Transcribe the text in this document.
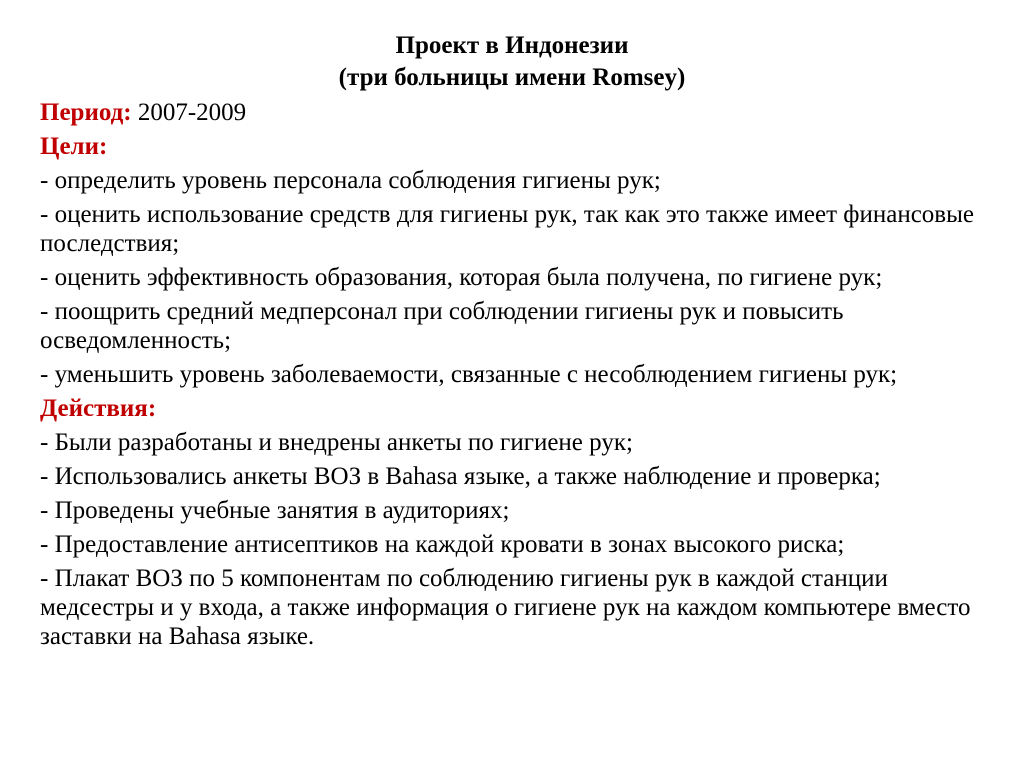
Проект в Индонезии
(три больницы имени Romsey)

Период: 2007-2009

Цели:

- определить уровень персонала соблюдения гигиены рук;

- оценить использование средств для гигиены рук, так как это также имеет финансовые последствия;

- оценить эффективность образования, которая была получена, по гигиене рук;

- поощрить средний медперсонал при соблюдении гигиены рук и повысить осведомленность;

- уменьшить уровень заболеваемости, связанные с несоблюдением гигиены рук;

Действия:

- Были разработаны и внедрены анкеты по гигиене рук;

- Использовались анкеты ВОЗ в Bahasa языке, а также наблюдение и проверка;

- Проведены учебные занятия в аудиториях;

- Предоставление антисептиков на каждой кровати в зонах высокого риска;

- Плакат ВОЗ по 5 компонентам по соблюдению гигиены рук в каждой станции медсестры и у входа, а также информация о гигиене рук на каждом компьютере вместо заставки на Bahasa языке.
